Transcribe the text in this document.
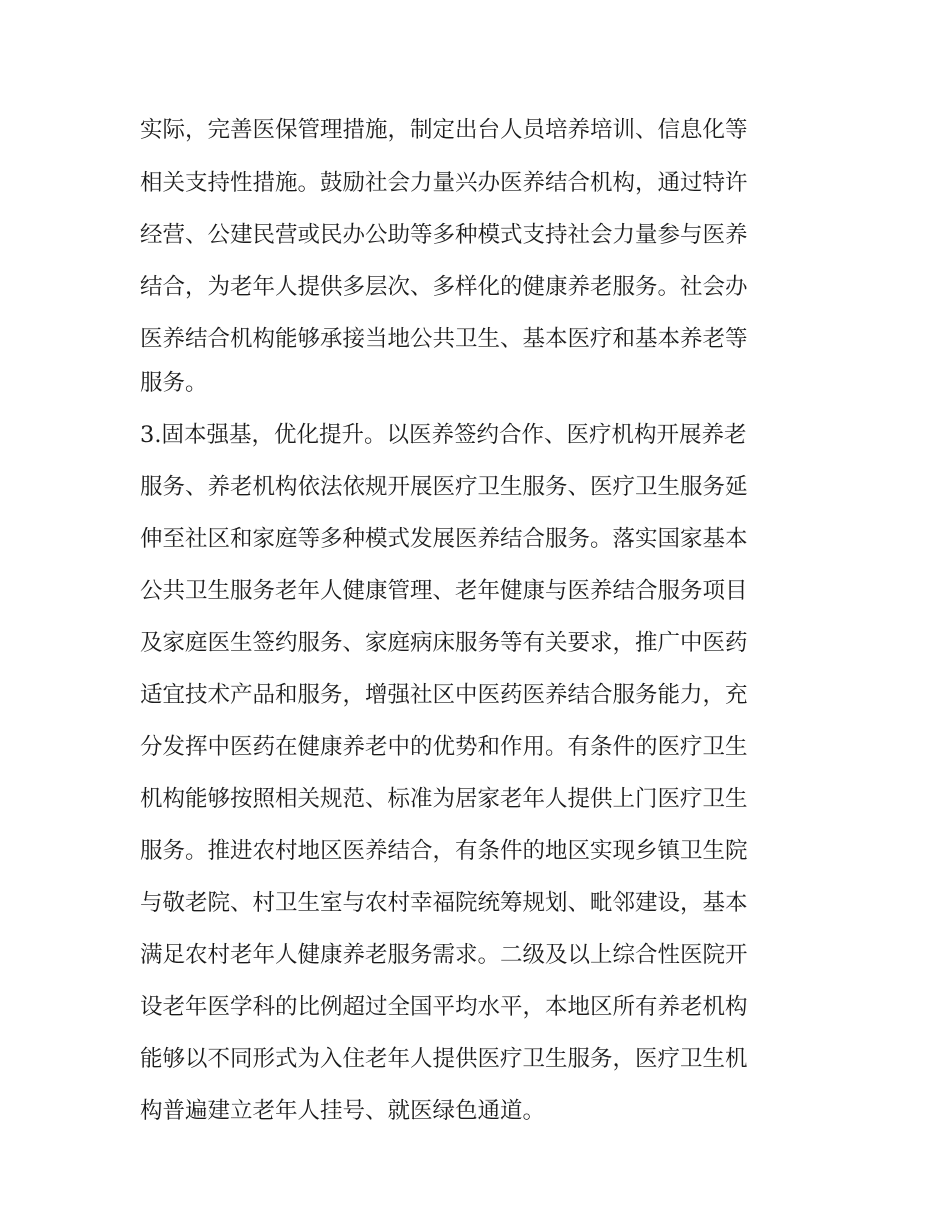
实际，完善医保管理措施，制定出台人员培养培训、信息化等
相关支持性措施。鼓励社会力量兴办医养结合机构，通过特许
经营、公建民营或民办公助等多种模式支持社会力量参与医养
结合，为老年人提供多层次、多样化的健康养老服务。社会办
医养结合机构能够承接当地公共卫生、基本医疗和基本养老等
服务。
3.固本强基，优化提升。以医养签约合作、医疗机构开展养老
服务、养老机构依法依规开展医疗卫生服务、医疗卫生服务延
伸至社区和家庭等多种模式发展医养结合服务。落实国家基本
公共卫生服务老年人健康管理、老年健康与医养结合服务项目
及家庭医生签约服务、家庭病床服务等有关要求，推广中医药
适宜技术产品和服务，增强社区中医药医养结合服务能力，充
分发挥中医药在健康养老中的优势和作用。有条件的医疗卫生
机构能够按照相关规范、标准为居家老年人提供上门医疗卫生
服务。推进农村地区医养结合，有条件的地区实现乡镇卫生院
与敬老院、村卫生室与农村幸福院统筹规划、毗邻建设，基本
满足农村老年人健康养老服务需求。二级及以上综合性医院开
设老年医学科的比例超过全国平均水平，本地区所有养老机构
能够以不同形式为入住老年人提供医疗卫生服务，医疗卫生机
构普遍建立老年人挂号、就医绿色通道。
